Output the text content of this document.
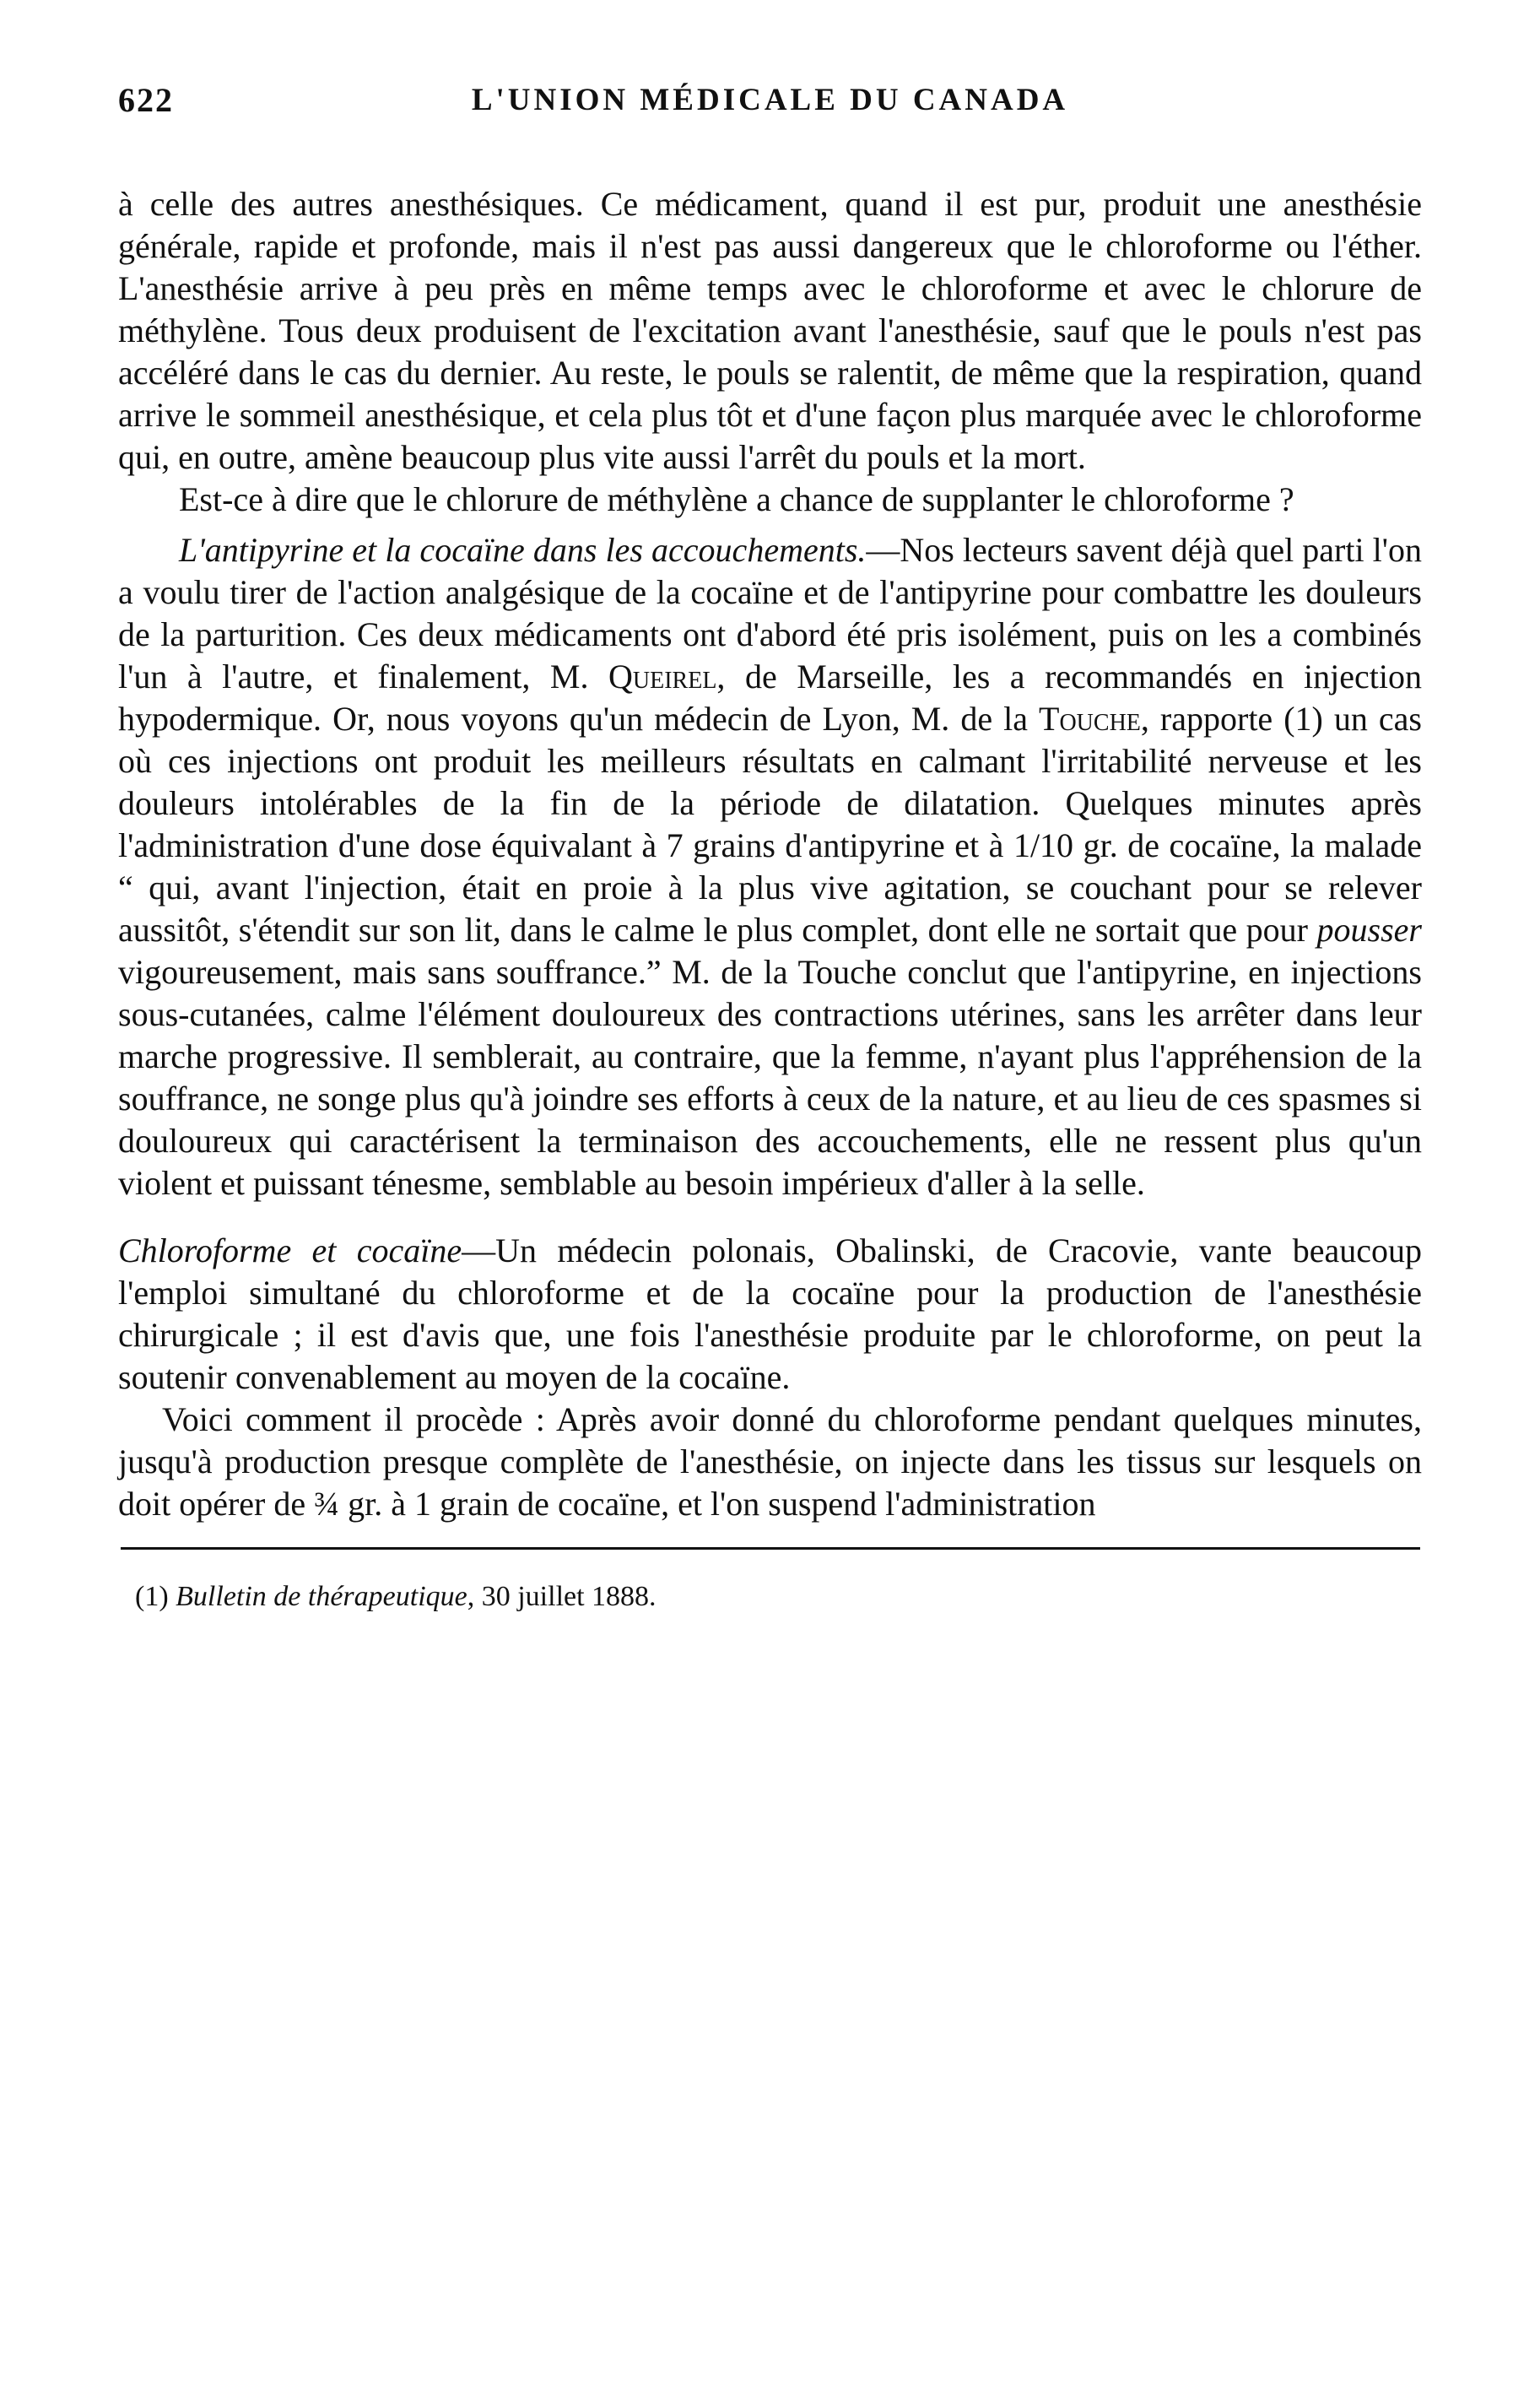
622	L'UNION MÉDICALE DU CANADA

à celle des autres anesthésiques. Ce médicament, quand il est pur, produit une anesthésie générale, rapide et profonde, mais il n'est pas aussi dangereux que le chloroforme ou l'éther. L'anesthésie arrive à peu près en même temps avec le chloroforme et avec le chlorure de méthylène. Tous deux produisent de l'excitation avant l'anesthésie, sauf que le pouls n'est pas accéléré dans le cas du dernier. Au reste, le pouls se ralentit, de même que la respiration, quand arrive le sommeil anesthésique, et cela plus tôt et d'une façon plus marquée avec le chloroforme qui, en outre, amène beaucoup plus vite aussi l'arrêt du pouls et la mort.

Est-ce à dire que le chlorure de méthylène a chance de supplanter le chloroforme ?

L'antipyrine et la cocaïne dans les accouchements.—Nos lecteurs savent déjà quel parti l'on a voulu tirer de l'action analgésique de la cocaïne et de l'antipyrine pour combattre les douleurs de la parturition. Ces deux médicaments ont d'abord été pris isolément, puis on les a combinés l'un à l'autre, et finalement, M. Queirel, de Marseille, les a recommandés en injection hypodermique. Or, nous voyons qu'un médecin de Lyon, M. de la Touche, rapporte (1) un cas où ces injections ont produit les meilleurs résultats en calmant l'irritabilité nerveuse et les douleurs intolérables de la fin de la période de dilatation. Quelques minutes après l'administration d'une dose équivalant à 7 grains d'antipyrine et à 1/10 gr. de cocaïne, la malade “ qui, avant l'injection, était en proie à la plus vive agitation, se couchant pour se relever aussitôt, s'étendit sur son lit, dans le calme le plus complet, dont elle ne sortait que pour pousser vigoureusement, mais sans souffrance.” M. de la Touche conclut que l'antipyrine, en injections sous-cutanées, calme l'élément douloureux des contractions utérines, sans les arrêter dans leur marche progressive. Il semblerait, au contraire, que la femme, n'ayant plus l'appréhension de la souffrance, ne songe plus qu'à joindre ses efforts à ceux de la nature, et au lieu de ces spasmes si douloureux qui caractérisent la terminaison des accouchements, elle ne ressent plus qu'un violent et puissant ténesme, semblable au besoin impérieux d'aller à la selle.

Chloroforme et cocaïne—Un médecin polonais, Obalinski, de Cracovie, vante beaucoup l'emploi simultané du chloroforme et de la cocaïne pour la production de l'anesthésie chirurgicale ; il est d'avis que, une fois l'anesthésie produite par le chloroforme, on peut la soutenir convenablement au moyen de la cocaïne.

Voici comment il procède : Après avoir donné du chloroforme pendant quelques minutes, jusqu'à production presque complète de l'anesthésie, on injecte dans les tissus sur lesquels on doit opérer de ¾ gr. à 1 grain de cocaïne, et l'on suspend l'administration

(1) Bulletin de thérapeutique, 30 juillet 1888.
